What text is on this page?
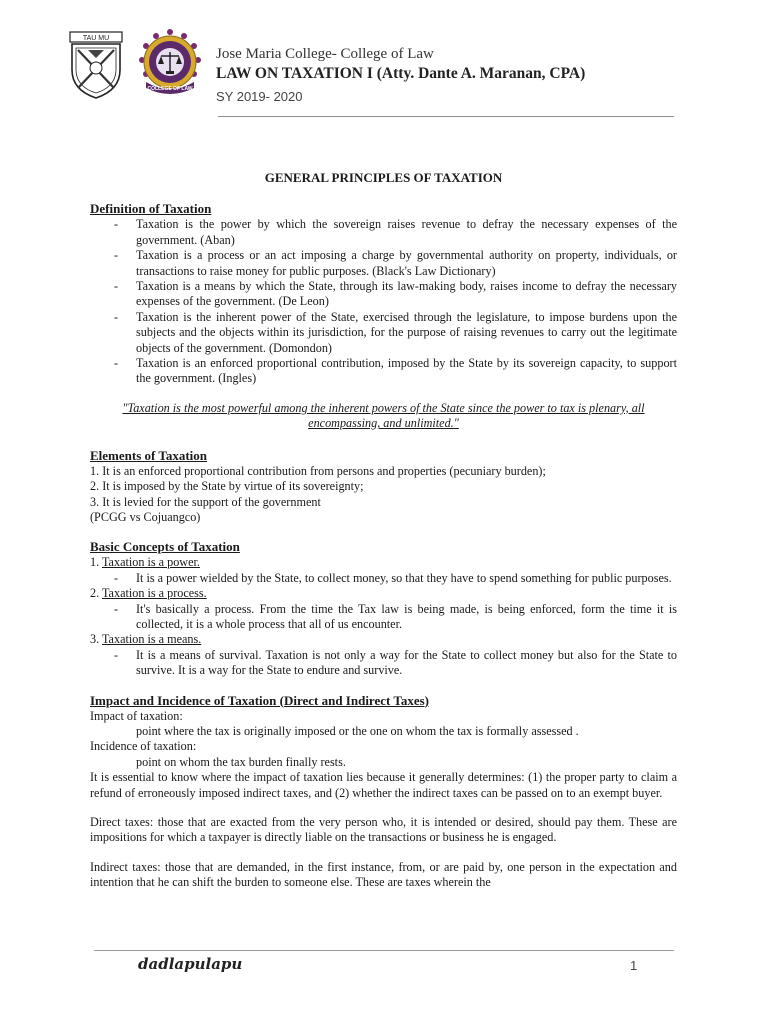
TAU MU
COLLEGE OF LAW
Jose Maria College- College of Law
LAW ON TAXATION I (Atty. Dante A. Maranan, CPA)
SY 2019- 2020

GENERAL PRINCIPLES OF TAXATION

Definition of Taxation

- Taxation is the power by which the sovereign raises revenue to defray the necessary expenses of the government. (Aban)
- Taxation is a process or an act imposing a charge by governmental authority on property, individuals, or transactions to raise money for public purposes. (Black's Law Dictionary)
- Taxation is a means by which the State, through its law-making body, raises income to defray the necessary expenses of the government. (De Leon)
- Taxation is the inherent power of the State, exercised through the legislature, to impose burdens upon the subjects and the objects within its jurisdiction, for the purpose of raising revenues to carry out the legitimate objects of the government. (Domondon)
- Taxation is an enforced proportional contribution, imposed by the State by its sovereign capacity, to support the government. (Ingles)

"Taxation is the most powerful among the inherent powers of the State since the power to tax is plenary, all encompassing, and unlimited."

Elements of Taxation

1. It is an enforced proportional contribution from persons and properties (pecuniary burden);

2. It is imposed by the State by virtue of its sovereignty;

3. It is levied for the support of the government

(PCGG vs Cojuangco)

Basic Concepts of Taxation

1. Taxation is a power.

- It is a power wielded by the State, to collect money, so that they have to spend something for public purposes.

2. Taxation is a process.

- It's basically a process. From the time the Tax law is being made, is being enforced, form the time it is collected, it is a whole process that all of us encounter.

3. Taxation is a means.

- It is a means of survival. Taxation is not only a way for the State to collect money but also for the State to survive. It is a way for the State to endure and survive.

Impact and Incidence of Taxation (Direct and Indirect Taxes)

Impact of taxation:

point where the tax is originally imposed or the one on whom the tax is formally assessed .

Incidence of taxation:

point on whom the tax burden finally rests.

It is essential to know where the impact of taxation lies because it generally determines: (1) the proper party to claim a refund of erroneously imposed indirect taxes, and (2) whether the indirect taxes can be passed on to an exempt buyer.

Direct taxes: those that are exacted from the very person who, it is intended or desired, should pay them. These are impositions for which a taxpayer is directly liable on the transactions or business he is engaged.

Indirect taxes: those that are demanded, in the first instance, from, or are paid by, one person in the expectation and intention that he can shift the burden to someone else. These are taxes wherein the

dadlapulapu	1
